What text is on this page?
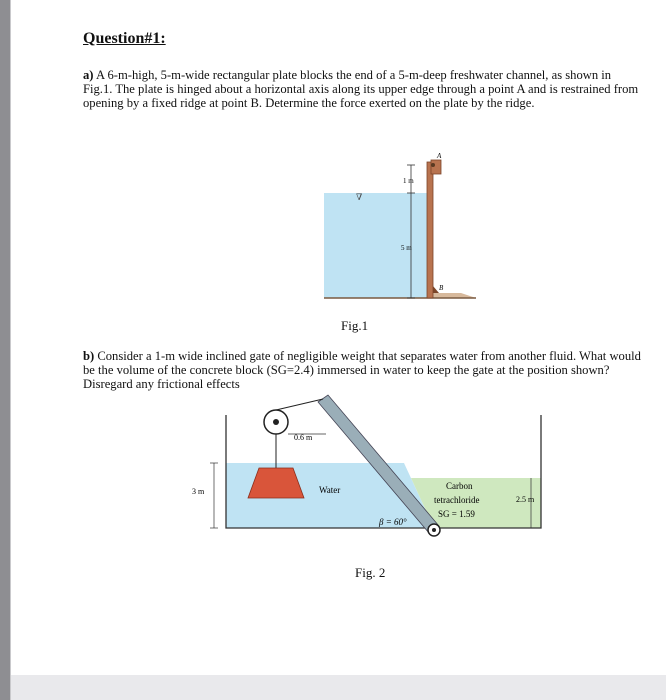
Question#1:

a) A 6-m-high, 5-m-wide rectangular plate blocks the end of a 5-m-deep freshwater channel, as shown in Fig.1. The plate is hinged about a horizontal axis along its upper edge through a point A and is restrained from opening by a fixed ridge at point B. Determine the force exerted on the plate by the ridge.

1 m
5 m
A
B
∇
Fig.1

b) Consider a 1-m wide inclined gate of negligible weight that separates water from another fluid. What would be the volume of the concrete block (SG=2.4) immersed in water to keep the gate at the position shown? Disregard any frictional effects

0.6 m
3 m
2.5 m
Water	Carbon
tetrachloride
SG = 1.59
β = 60°
Fig. 2
